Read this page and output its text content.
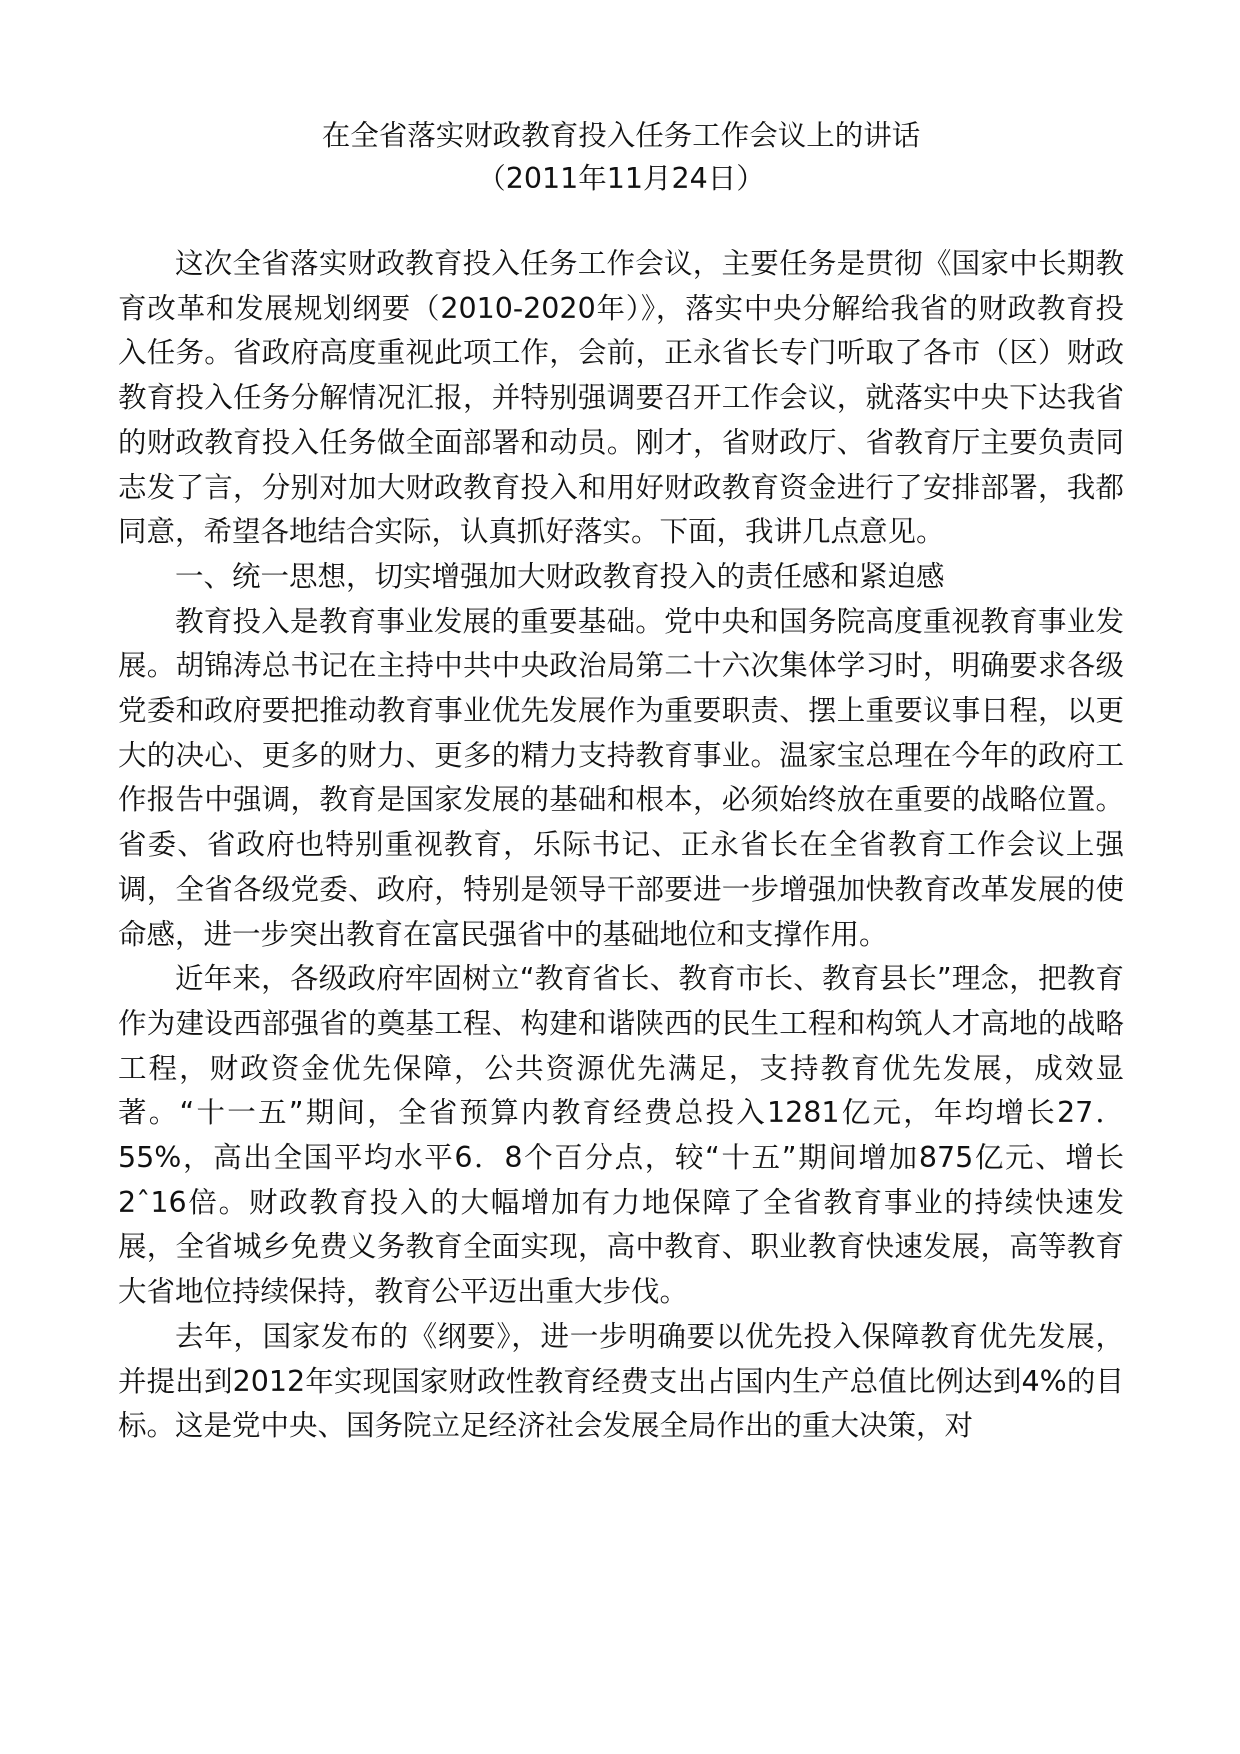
在全省落实财政教育投入任务工作会议上的讲话

（2011年11月24日）

这次全省落实财政教育投入任务工作会议，主要任务是贯彻《国家中长期教育改革和发展规划纲要（2010-2020年）》，落实中央分解给我省的财政教育投入任务。省政府高度重视此项工作，会前，正永省长专门听取了各市（区）财政教育投入任务分解情况汇报，并特别强调要召开工作会议，就落实中央下达我省的财政教育投入任务做全面部署和动员。刚才，省财政厅、省教育厅主要负责同志发了言，分别对加大财政教育投入和用好财政教育资金进行了安排部署，我都同意，希望各地结合实际，认真抓好落实。下面，我讲几点意见。

一、统一思想，切实增强加大财政教育投入的责任感和紧迫感

教育投入是教育事业发展的重要基础。党中央和国务院高度重视教育事业发展。胡锦涛总书记在主持中共中央政治局第二十六次集体学习时，明确要求各级党委和政府要把推动教育事业优先发展作为重要职责、摆上重要议事日程，以更大的决心、更多的财力、更多的精力支持教育事业。温家宝总理在今年的政府工作报告中强调，教育是国家发展的基础和根本，必须始终放在重要的战略位置。省委、省政府也特别重视教育，乐际书记、正永省长在全省教育工作会议上强调，全省各级党委、政府，特别是领导干部要进一步增强加快教育改革发展的使命感，进一步突出教育在富民强省中的基础地位和支撑作用。

近年来，各级政府牢固树立“教育省长、教育市长、教育县长”理念，把教育作为建设西部强省的奠基工程、构建和谐陕西的民生工程和构筑人才高地的战略工程，财政资金优先保障，公共资源优先满足，支持教育优先发展，成效显著。“十一五”期间，全省预算内教育经费总投入1281亿元，年均增长27．55%，高出全国平均水平6．8个百分点，较“十五”期间增加875亿元、增长2ˆ16倍。财政教育投入的大幅增加有力地保障了全省教育事业的持续快速发展，全省城乡免费义务教育全面实现，高中教育、职业教育快速发展，高等教育大省地位持续保持，教育公平迈出重大步伐。

去年，国家发布的《纲要》，进一步明确要以优先投入保障教育优先发展，并提出到2012年实现国家财政性教育经费支出占国内生产总值比例达到4%的目标。这是党中央、国务院立足经济社会发展全局作出的重大决策，对
